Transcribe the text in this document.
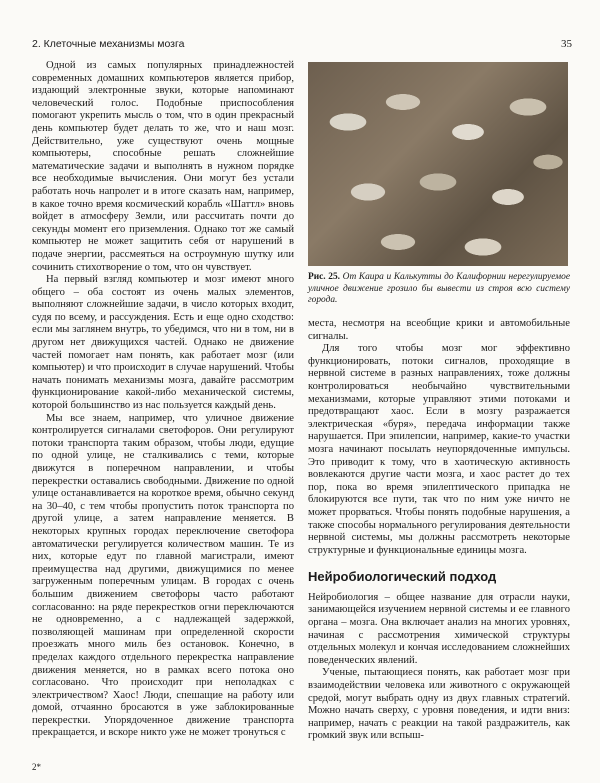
2. Клеточные механизмы мозга	35

Одной из самых популярных принадлежностей современных домашних компьютеров является прибор, издающий электронные звуки, которые напоминают человеческий голос. Подобные приспособления помогают укрепить мысль о том, что в один прекрасный день компьютер будет делать то же, что и наш мозг. Действительно, уже существуют очень мощные компьютеры, способные решать сложнейшие математические задачи и выполнять в нужном порядке все необходимые вычисления. Они могут без устали работать ночь напролет и в итоге сказать нам, например, в какое точно время космический корабль «Шаттл» вновь войдет в атмосферу Земли, или рассчитать почти до секунды момент его приземления. Однако тот же самый компьютер не может защитить себя от нарушений в подаче энергии, рассмеяться на остроумную шутку или сочинить стихотворение о том, что он чувствует.

На первый взгляд компьютер и мозг имеют много общего – оба состоят из очень малых элементов, выполняют сложнейшие задачи, в число которых входит, судя по всему, и рассуждения. Есть и еще одно сходство: если мы заглянем внутрь, то убедимся, что ни в том, ни в другом нет движущихся частей. Однако не движение частей помогает нам понять, как работает мозг (или компьютер) и что происходит в случае нарушений. Чтобы начать понимать механизмы мозга, давайте рассмотрим функционирование какой-либо механической системы, которой большинство из нас пользуется каждый день.

Мы все знаем, например, что уличное движение контролируется сигналами светофоров. Они регулируют потоки транспорта таким образом, чтобы люди, едущие по одной улице, не сталкивались с теми, которые движутся в поперечном направлении, и чтобы перекрестки оставались свободными. Движение по одной улице останавливается на короткое время, обычно секунд на 30–40, с тем чтобы пропустить поток транспорта по другой улице, а затем направление меняется. В некоторых крупных городах переключение светофора автоматически регулируется количеством машин. Те из них, которые едут по главной магистрали, имеют преимущества над другими, движущимися по менее загруженным поперечным улицам. В городах с очень большим движением светофоры часто работают согласованно: на ряде перекрестков огни переключаются не одновременно, а с надлежащей задержкой, позволяющей машинам при определенной скорости проезжать много миль без остановок. Конечно, в пределах каждого отдельного перекрестка направление движения меняется, но в рамках всего потока оно согласовано. Что происходит при неполадках с электричеством? Хаос! Люди, спешащие на работу или домой, отчаянно бросаются в уже заблокированные перекрестки. Упорядоченное движение транспорта прекращается, и вскоре никто уже не может тронуться с

Рис. 25. От Каира и Калькутты до Калифорнии нерегулируемое уличное движение грозило бы вывести из строя всю систему города.

места, несмотря на всеобщие крики и автомобильные сигналы.

Для того чтобы мозг мог эффективно функционировать, потоки сигналов, проходящие в нервной системе в разных направлениях, тоже должны контролироваться необычайно чувствительными механизмами, которые управляют этими потоками и предотвращают хаос. Если в мозгу разражается электрическая «буря», передача информации также нарушается. При эпилепсии, например, какие-то участки мозга начинают посылать неупорядоченные импульсы. Это приводит к тому, что в хаотическую активность вовлекаются другие части мозга, и хаос растет до тех пор, пока во время эпилептического припадка не блокируются все пути, так что по ним уже ничто не может прорваться. Чтобы понять подобные нарушения, а также способы нормального регулирования деятельности нервной системы, мы должны рассмотреть некоторые структурные и функциональные единицы мозга.

Нейробиологический подход

Нейробиология – общее название для отрасли науки, занимающейся изучением нервной системы и ее главного органа – мозга. Она включает анализ на многих уровнях, начиная с рассмотрения химической структуры отдельных молекул и кончая исследованием сложнейших поведенческих явлений.

Ученые, пытающиеся понять, как работает мозг при взаимодействии человека или животного с окружающей средой, могут выбрать одну из двух главных стратегий. Можно начать сверху, с уровня поведения, и идти вниз: например, начать с реакции на такой раздражитель, как громкий звук или вспыш-

2*
